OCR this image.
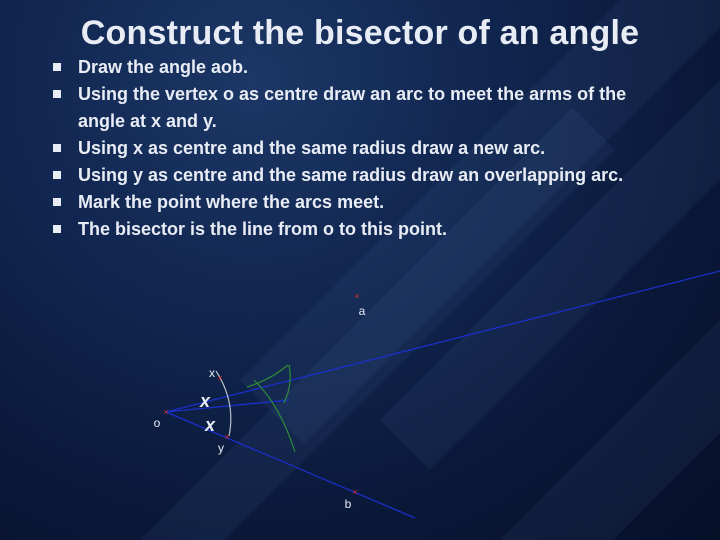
Construct the bisector of an angle
Draw the angle aob.
Using the vertex o as centre draw an arc to meet the arms of the angle at x and y.
Using x as centre and the same radius draw a new arc.
Using y as centre and the same radius draw an overlapping arc.
Mark the point where the arcs meet.
The bisector is the line from o to this point.
×
×
×
×
×
a
x
o
y
b
x
x
